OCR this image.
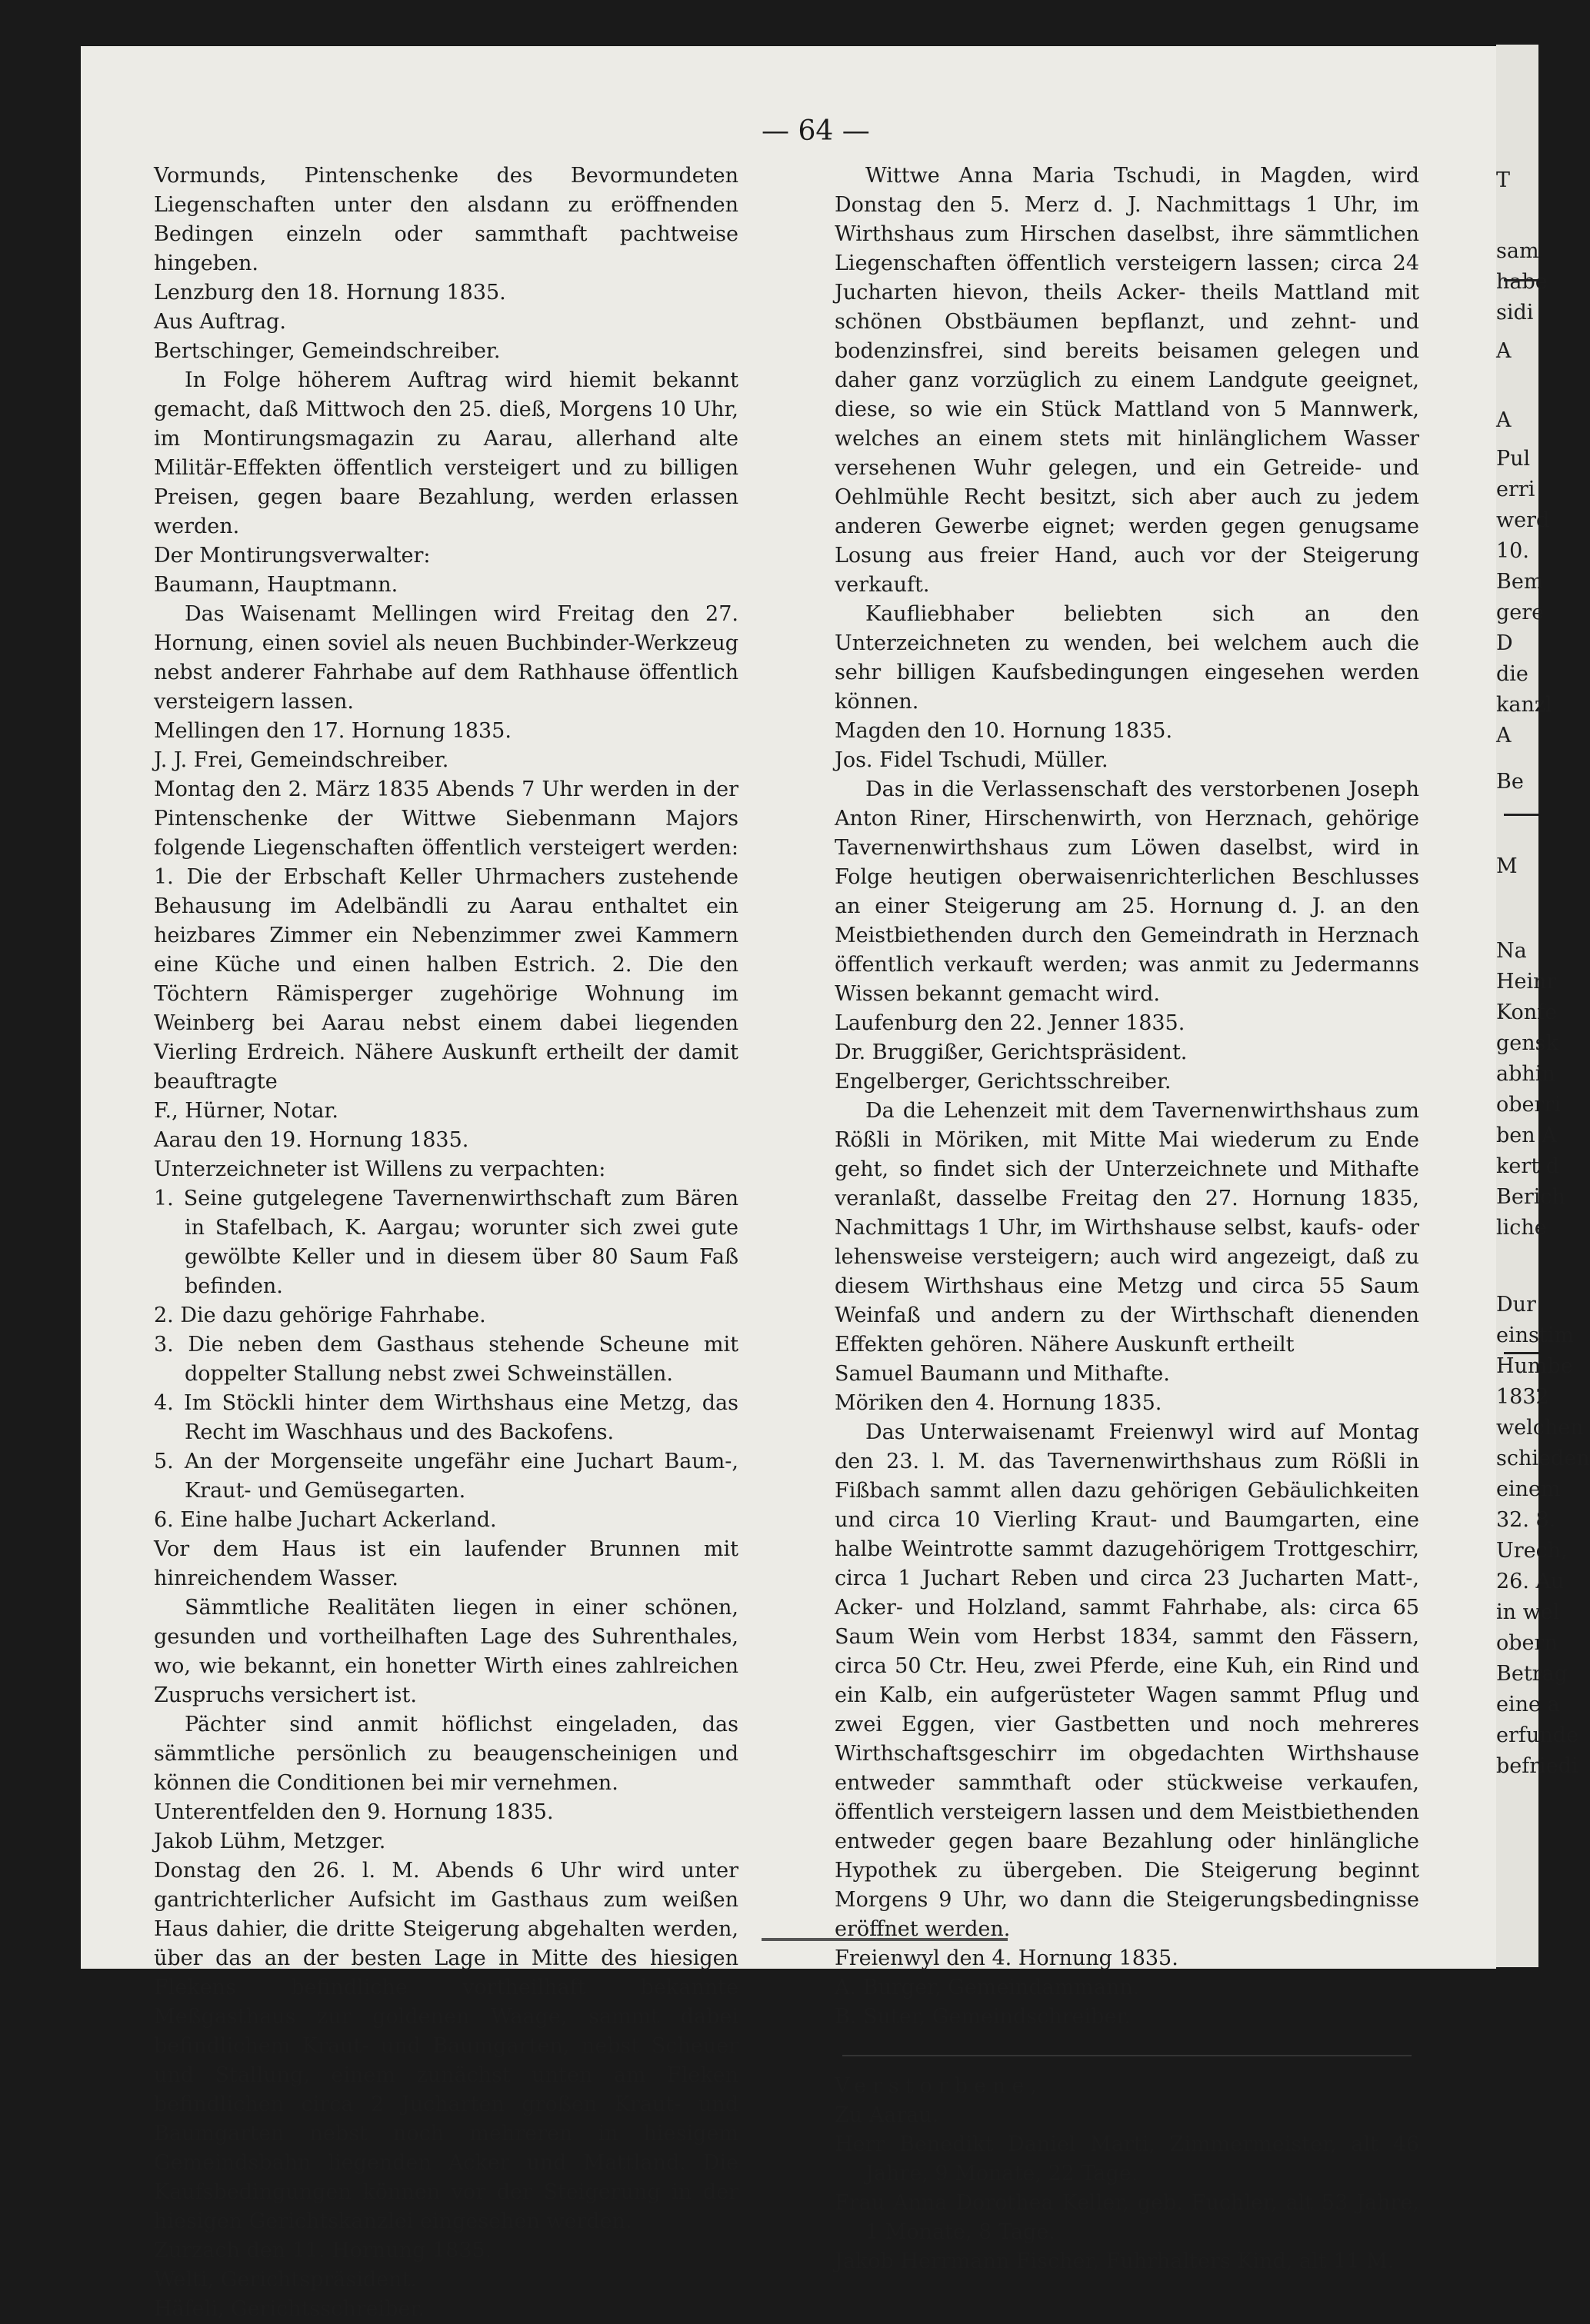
T
sam
habe
sidi
A
A
Pul
erri
werd
10.
Bem
gere
D
die
kanzl
A
Be
M
Na
Heinr
Konfe
gensk
abhin
oberri
ben A
kert d
Berich
liche
Dur
einstim
Humbe
1832
welchen
schieden
einem
32. 8.
Urech,
26. Au
in wel
obern
Betrag
eine a
erfunde
befriedi
— 64 —

Vormunds, Pintenschenke des Bevormundeten Liegenschaften unter den alsdann zu eröffnenden Bedingen einzeln oder sammthaft pachtweise hingeben.

Lenzburg den 18. Hornung 1835.

Aus Auftrag.

Bertschinger, Gemeindschreiber.

In Folge höherem Auftrag wird hiemit bekannt gemacht, daß Mittwoch den 25. dieß, Morgens 10 Uhr, im Montirungsmagazin zu Aarau, allerhand alte Militär-Effekten öffentlich versteigert und zu billigen Preisen, gegen baare Bezahlung, werden erlassen werden.

Der Montirungsverwalter:

Baumann, Hauptmann.

Das Waisenamt Mellingen wird Freitag den 27. Hornung, einen soviel als neuen Buchbinder-Werkzeug nebst anderer Fahrhabe auf dem Rathhause öffentlich versteigern lassen.

Mellingen den 17. Hornung 1835.

J. J. Frei, Gemeindschreiber.

Montag den 2. März 1835 Abends 7 Uhr werden in der Pintenschenke der Wittwe Siebenmann Majors folgende Liegenschaften öffentlich versteigert werden: 1. Die der Erbschaft Keller Uhrmachers zustehende Behausung im Adelbändli zu Aarau enthaltet ein heizbares Zimmer ein Nebenzimmer zwei Kammern eine Küche und einen halben Estrich. 2. Die den Töchtern Rämisperger zugehörige Wohnung im Weinberg bei Aarau nebst einem dabei liegenden Vierling Erdreich. Nähere Auskunft ertheilt der damit beauftragte

F., Hürner, Notar.

Aarau den 19. Hornung 1835.

Unterzeichneter ist Willens zu verpachten:

1. Seine gutgelegene Tavernenwirthschaft zum Bären in Stafelbach, K. Aargau; worunter sich zwei gute gewölbte Keller und in diesem über 80 Saum Faß befinden.

2. Die dazu gehörige Fahrhabe.

3. Die neben dem Gasthaus stehende Scheune mit doppelter Stallung nebst zwei Schweinställen.

4. Im Stöckli hinter dem Wirthshaus eine Metzg, das Recht im Waschhaus und des Backofens.

5. An der Morgenseite ungefähr eine Juchart Baum-, Kraut- und Gemüsegarten.

6. Eine halbe Juchart Ackerland.

Vor dem Haus ist ein laufender Brunnen mit hinreichendem Wasser.

Sämmtliche Realitäten liegen in einer schönen, gesunden und vortheilhaften Lage des Suhrenthales, wo, wie bekannt, ein honetter Wirth eines zahlreichen Zuspruchs versichert ist.

Pächter sind anmit höflichst eingeladen, das sämmtliche persönlich zu beaugenscheinigen und können die Conditionen bei mir vernehmen.

Unterentfelden den 9. Hornung 1835.

Jakob Lühm, Metzger.

Donstag den 26. l. M. Abends 6 Uhr wird unter gantrichterlicher Aufsicht im Gasthaus zum weißen Haus dahier, die dritte Steigerung abgehalten werden, über das an der besten Lage in Mitte des hiesigen Flekens befindliche vortheilhaft bekannte Meßgasthaus zur goldenen Waage, sammt dabei befindlichem Kraut- und Baumgarten, nebst Scheuer und Stallung, einem zunächst unten am Fleken befindlichen circa 2 Jucharten großen Kraut- und Baumgarten nebst noch mehreren in hiesigem Gemeindsbahn liegenden Acker und Mattland. Die Kaufsbedingungen können vor der Steigerung in der hiesigen Gerichtskanzlei eingesehen werden.

Zurzach den 11. Hornung 1835.

Welti, Gerichtspräsident.

Häfeli, Gerichtsschreiber.

Wittwe Anna Maria Tschudi, in Magden, wird Donstag den 5. Merz d. J. Nachmittags 1 Uhr, im Wirthshaus zum Hirschen daselbst, ihre sämmtlichen Liegenschaften öffentlich versteigern lassen; circa 24 Jucharten hievon, theils Acker- theils Mattland mit schönen Obstbäumen bepflanzt, und zehnt- und bodenzinsfrei, sind bereits beisamen gelegen und daher ganz vorzüglich zu einem Landgute geeignet, diese, so wie ein Stück Mattland von 5 Mannwerk, welches an einem stets mit hinlänglichem Wasser versehenen Wuhr gelegen, und ein Getreide- und Oehlmühle Recht besitzt, sich aber auch zu jedem anderen Gewerbe eignet; werden gegen genugsame Losung aus freier Hand, auch vor der Steigerung verkauft.

Kaufliebhaber beliebten sich an den Unterzeichneten zu wenden, bei welchem auch die sehr billigen Kaufsbedingungen eingesehen werden können.

Magden den 10. Hornung 1835.

Jos. Fidel Tschudi, Müller.

Das in die Verlassenschaft des verstorbenen Joseph Anton Riner, Hirschenwirth, von Herznach, gehörige Tavernenwirthshaus zum Löwen daselbst, wird in Folge heutigen oberwaisenrichterlichen Beschlusses an einer Steigerung am 25. Hornung d. J. an den Meistbiethenden durch den Gemeindrath in Herznach öffentlich verkauft werden; was anmit zu Jedermanns Wissen bekannt gemacht wird.

Laufenburg den 22. Jenner 1835.

Dr. Bruggißer, Gerichtspräsident.

Engelberger, Gerichtsschreiber.

Da die Lehenzeit mit dem Tavernenwirthshaus zum Rößli in Möriken, mit Mitte Mai wiederum zu Ende geht, so findet sich der Unterzeichnete und Mithafte veranlaßt, dasselbe Freitag den 27. Hornung 1835, Nachmittags 1 Uhr, im Wirthshause selbst, kaufs- oder lehensweise versteigern; auch wird angezeigt, daß zu diesem Wirthshaus eine Metzg und circa 55 Saum Weinfaß und andern zu der Wirthschaft dienenden Effekten gehören. Nähere Auskunft ertheilt

Samuel Baumann und Mithafte.

Möriken den 4. Hornung 1835.

Das Unterwaisenamt Freienwyl wird auf Montag den 23. l. M. das Tavernenwirthshaus zum Rößli in Fißbach sammt allen dazu gehörigen Gebäulichkeiten und circa 10 Vierling Kraut- und Baumgarten, eine halbe Weintrotte sammt dazugehörigem Trottgeschirr, circa 1 Juchart Reben und circa 23 Jucharten Matt-, Acker- und Holzland, sammt Fahrhabe, als: circa 65 Saum Wein vom Herbst 1834, sammt den Fässern, circa 50 Ctr. Heu, zwei Pferde, eine Kuh, ein Rind und ein Kalb, ein aufgerüsteter Wagen sammt Pflug und zwei Eggen, vier Gastbetten und noch mehreres Wirthschaftsgeschirr im obgedachten Wirthshause entweder sammthaft oder stückweise verkaufen, öffentlich versteigern lassen und dem Meistbiethenden entweder gegen baare Bezahlung oder hinlängliche Hypothek zu übergeben. Die Steigerung beginnt Morgens 9 Uhr, wo dann die Steigerungsbedingnisse eröffnet werden.

Freienwyl den 4. Hornung 1835.

A. Burger, Gemeindammann.

B. Suter, Gemeindschreiber.

Verstorbene,

Zu Aarau.

Herr Benedikt Daniel Marti, Zimmermeister, alt 46 Jahre, 9 Monate, 22 Tage.

Frau Anna Dorothea Keller, geb. Fuchler, alt 53 Jahre, 1 Monate, 8 Tage.

Jakob Herrmann Fischer, Fuhrhalters Kind, alt 11 M.
